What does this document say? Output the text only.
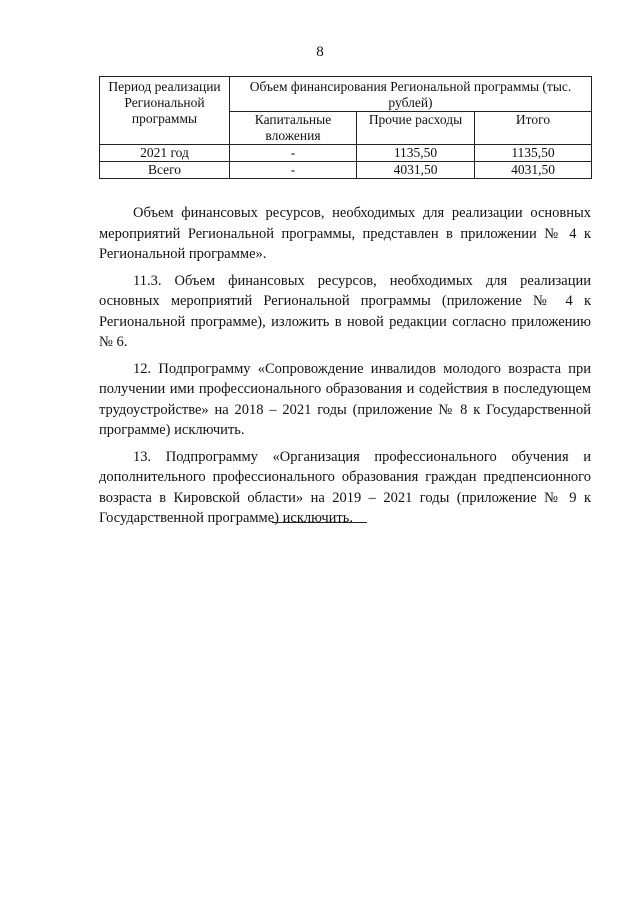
8
Период реализации Региональной программы	Объем финансирования Региональной программы (тыс. рублей)		
	Капитальные вложения	Прочие расходы	Итого
2021 год	-	1135,50	1135,50
Всего	-	4031,50	4031,50

Объем финансовых ресурсов, необходимых для реализации основных мероприятий Региональной программы, представлен в приложении № 4 к Региональной программе».

11.3. Объем финансовых ресурсов, необходимых для реализации основных мероприятий Региональной программы (приложение № 4 к Региональной программе), изложить в новой редакции согласно приложению № 6.

12. Подпрограмму «Сопровождение инвалидов молодого возраста при получении ими профессионального образования и содействия в последующем трудоустройстве» на 2018 – 2021 годы (приложение № 8 к Государственной программе) исключить.

13. Подпрограмму «Организация профессионального обучения и дополнительного профессионального образования граждан предпенсионного возраста в Кировской области» на 2019 – 2021 годы (приложение № 9 к Государственной программе) исключить.
